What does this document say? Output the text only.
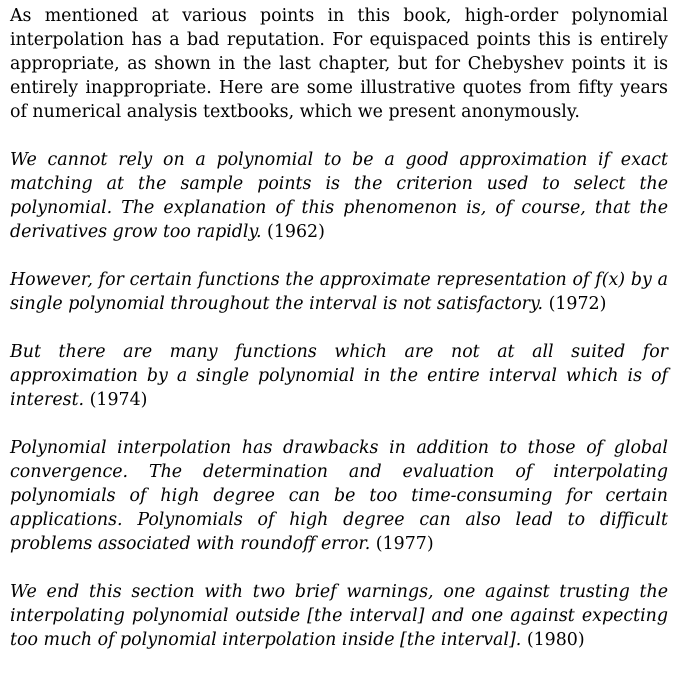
As mentioned at various points in this book, high-order polynomial interpolation has a bad reputation. For equispaced points this is entirely appropriate, as shown in the last chapter, but for Chebyshev points it is entirely inappropriate. Here are some illustrative quotes from fifty years of numerical analysis textbooks, which we present anonymously.

We cannot rely on a polynomial to be a good approximation if exact matching at the sample points is the criterion used to select the polynomial. The explanation of this phenomenon is, of course, that the derivatives grow too rapidly. (1962)

However, for certain functions the approximate representation of f(x) by a single polynomial throughout the interval is not satisfactory. (1972)

But there are many functions which are not at all suited for approximation by a single polynomial in the entire interval which is of interest. (1974)

Polynomial interpolation has drawbacks in addition to those of global convergence. The determination and evaluation of interpolating polynomials of high degree can be too time-consuming for certain applications. Polynomials of high degree can also lead to difficult problems associated with roundoff error. (1977)

We end this section with two brief warnings, one against trusting the interpolating polynomial outside [the interval] and one against expecting too much of polynomial interpolation inside [the interval]. (1980)
